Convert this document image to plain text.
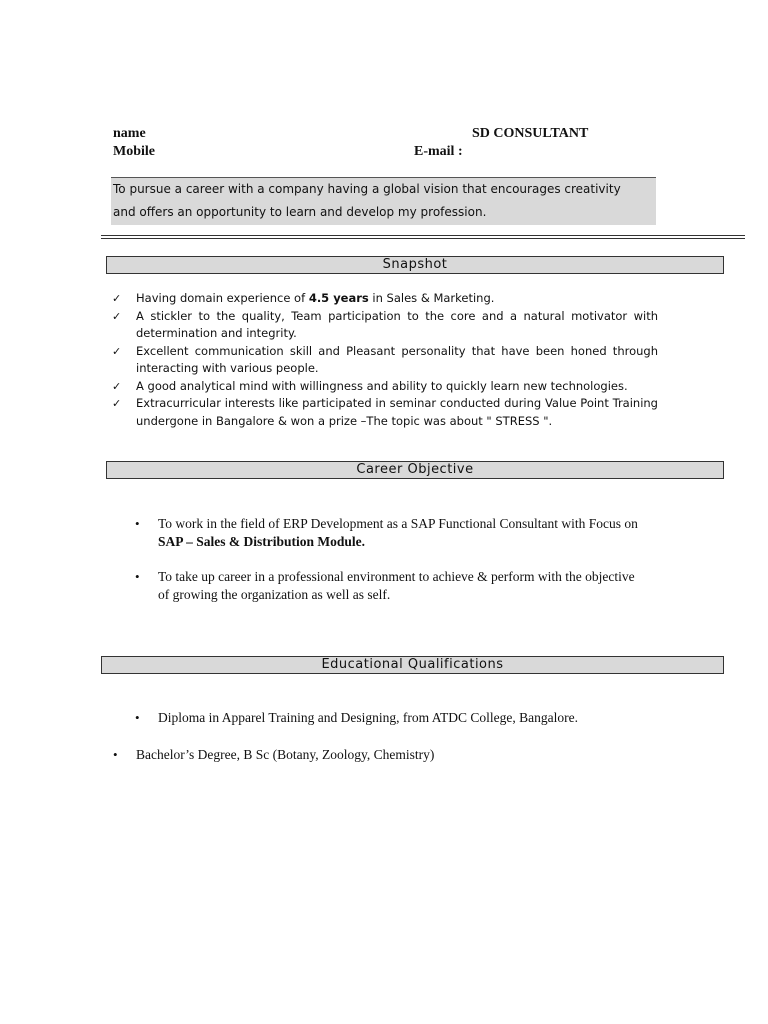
name	SD CONSULTANT
Mobile	E-mail :
To pursue a career with a company having a global vision that encourages creativity
and offers an opportunity to learn and develop my profession.
Snapshot
✓ Having domain experience of 4.5 years in Sales & Marketing.
✓ A stickler to the quality, Team participation to the core and a natural motivator with determination and integrity.
✓ Excellent communication skill and Pleasant personality that have been honed through interacting with various people.
✓ A good analytical mind with willingness and ability to quickly learn new technologies.
✓ Extracurricular interests like participated in seminar conducted during Value Point Training undergone in Bangalore & won a prize –The topic was about " STRESS ".
Career Objective
• To work in the field of ERP Development as a SAP Functional Consultant with Focus on SAP – Sales & Distribution Module.
• To take up career in a professional environment to achieve & perform with the objective of growing the organization as well as self.
Educational Qualifications
• Diploma in Apparel Training and Designing, from ATDC College, Bangalore.
• Bachelor’s Degree, B Sc (Botany, Zoology, Chemistry)
